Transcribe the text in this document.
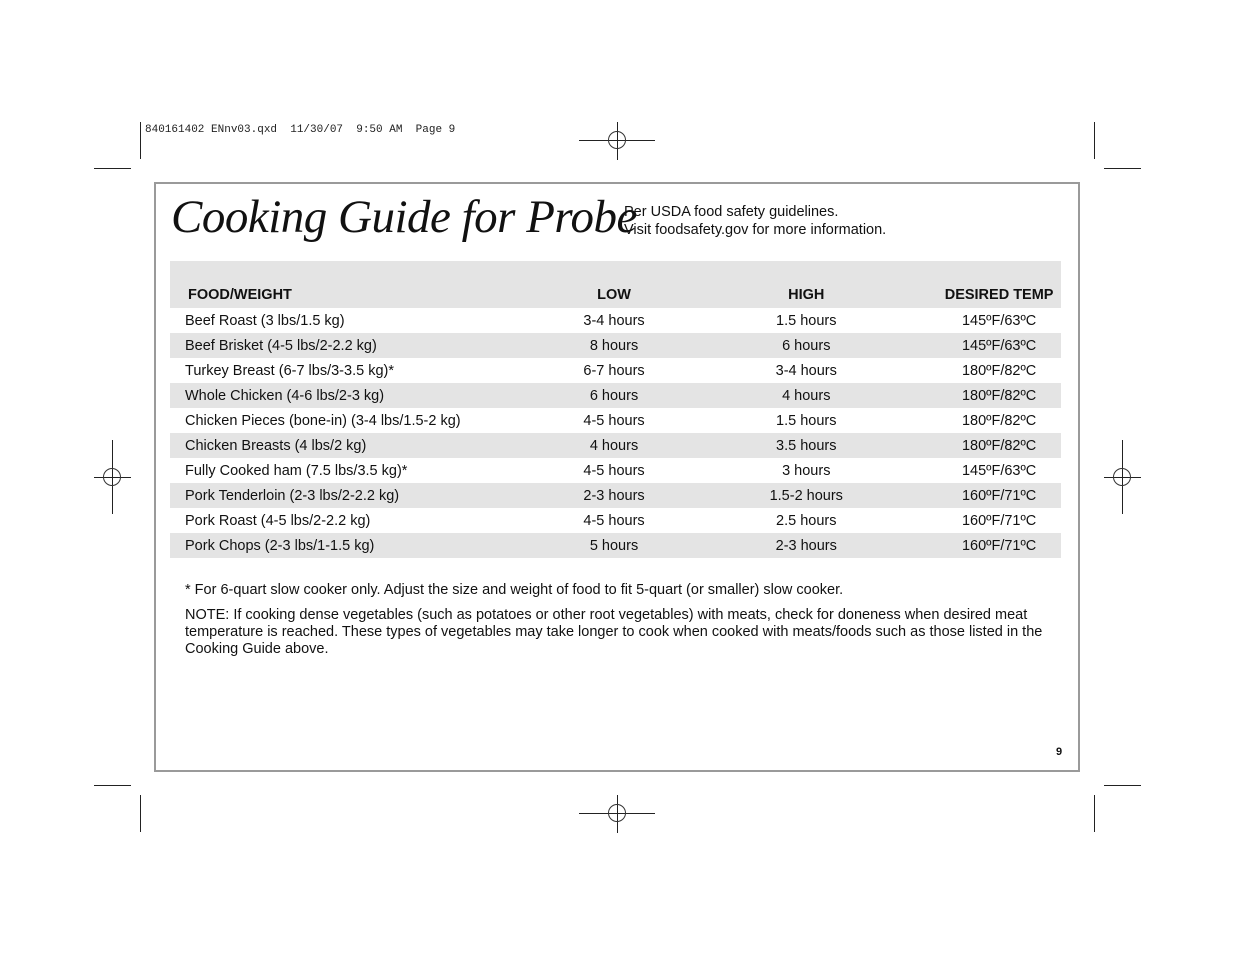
840161402 ENnv03.qxd  11/30/07  9:50 AM  Page 9
Cooking Guide for Probe
Per USDA food safety guidelines.
Visit foodsafety.gov for more information.
FOOD/WEIGHT	LOW	HIGH	DESIRED TEMP
Beef Roast (3 lbs/1.5 kg)	3-4 hours	1.5 hours	145ºF/63ºC
Beef Brisket (4-5 lbs/2-2.2 kg)	8 hours	6 hours	145ºF/63ºC
Turkey Breast (6-7 lbs/3-3.5 kg)*	6-7 hours	3-4 hours	180ºF/82ºC
Whole Chicken (4-6 lbs/2-3 kg)	6 hours	4 hours	180ºF/82ºC
Chicken Pieces (bone-in) (3-4 lbs/1.5-2 kg)	4-5 hours	1.5 hours	180ºF/82ºC
Chicken Breasts (4 lbs/2 kg)	4 hours	3.5 hours	180ºF/82ºC
Fully Cooked ham (7.5 lbs/3.5 kg)*	4-5 hours	3 hours	145ºF/63ºC
Pork Tenderloin (2-3 lbs/2-2.2 kg)	2-3 hours	1.5-2 hours	160ºF/71ºC
Pork Roast (4-5 lbs/2-2.2 kg)	4-5 hours	2.5 hours	160ºF/71ºC
Pork Chops (2-3 lbs/1-1.5 kg)	5 hours	2-3 hours	160ºF/71ºC

* For 6-quart slow cooker only. Adjust the size and weight of food to fit 5-quart (or smaller) slow cooker.

NOTE: If cooking dense vegetables (such as potatoes or other root vegetables) with meats, check for doneness when desired meat temperature is reached. These types of vegetables may take longer to cook when cooked with meats/foods such as those listed in the Cooking Guide above.

9
